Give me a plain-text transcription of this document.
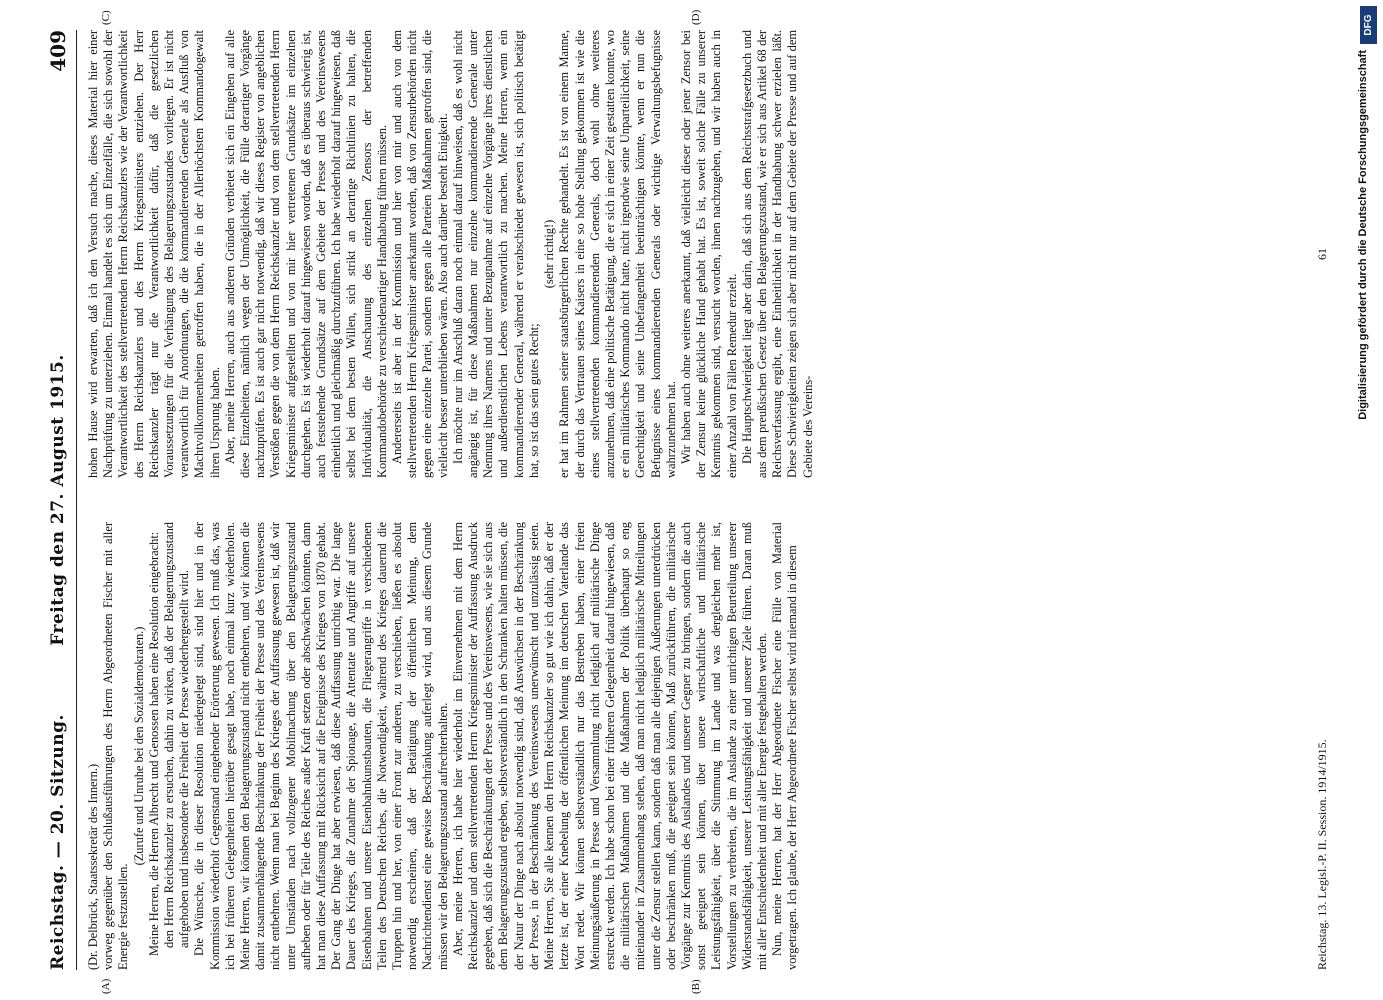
Reichstag. — 20. Sitzung.
Freitag den 27. August 1915.
409
(A)	(B)
(C)	(D)

(Dr. Delbrück, Staatssekretär des Innern.) vorweg gegenüber den Schlußausführungen des Herrn Abgeordneten Fischer mit aller Energie festzustellen.

(Zurufe und Unruhe bei den Sozialdemokraten.) Meine Herren, die Herren Albrecht und Genossen haben eine Resolution eingebracht: den Herrn Reichskanzler zu ersuchen, dahin zu wirken, daß der Belagerungszustand aufgehoben und insbesondere die Freiheit der Presse wiederhergestellt wird. Die Wünsche, die in dieser Resolution niedergelegt sind, sind hier und in der Kommission wiederholt Gegenstand eingehender Erörterung gewesen. Ich muß das, was ich bei früheren Gelegenheiten hierüber gesagt habe, noch einmal kurz wiederholen. Meine Herren, wir können den Belagerungszustand nicht entbehren, und wir können die damit zusammenhängende Beschränkung der Freiheit der Presse und des Vereinswesens nicht entbehren. Wenn man bei Beginn des Krieges der Auffassung gewesen ist, daß wir unter Umständen nach vollzogener Mobilmachung über den Belagerungszustand aufheben oder für Teile des Reiches außer Kraft setzen oder abschwächen könnten, dann hat man diese Auffassung mit Rücksicht auf die Ereignisse des Krieges von 1870 gehabt. Der Gang der Dinge hat aber erwiesen, daß diese Auffassung unrichtig war. Die lange Dauer des Krieges, die Zunahme der Spionage, die Attentate und Angriffe auf unsere Eisenbahnen und unsere Eisenbahnkunstbauten, die Fliegerangriffe in verschiedenen Teilen des Deutschen Reiches, die Notwendigkeit, während des Krieges dauernd die Truppen hin und her, von einer Front zur anderen, zu verschieben, ließen es absolut notwendig erscheinen, daß der Betätigung der öffentlichen Meinung, dem Nachrichtendienst eine gewisse Beschränkung auferlegt wird, und aus diesem Grunde müssen wir den Belagerungszustand aufrechterhalten. Aber, meine Herren, ich habe hier wiederholt im Einvernehmen mit dem Herrn Reichskanzler und dem stellvertretenden Herrn Kriegsminister der Auffassung Ausdruck gegeben, daß sich die Beschränkungen der Presse und des Vereinswesens, wie sie sich aus dem Belagerungszustand ergeben, selbstverständlich in den Schranken halten müssen, die der Natur der Dinge nach absolut notwendig sind, daß Auswüchsen in der Beschränkung der Presse, in der Beschränkung des Vereinswesens unerwünscht und unzulässig seien. Meine Herren, Sie alle kennen den Herrn Reichskanzler so gut wie ich dahin, daß er der letzte ist, der einer Knebelung der öffentlichen Meinung im deutschen Vaterlande das Wort redet. Wir können selbstverständlich nur das Bestreben haben, einer freien Meinungsäußerung in Presse und Versammlung nicht lediglich auf militärische Dinge erstreckt werden. Ich habe schon bei einer früheren Gelegenheit darauf hingewiesen, daß die militärischen Maßnahmen und die Maßnahmen der Politik überhaupt so eng miteinander in Zusammenhang stehen, daß man nicht lediglich militärische Mitteilungen unter die Zensur stellen kann, sondern daß man alle diejenigen Äußerungen unterdrücken oder beschränken muß, die geeignet sein können, Maß zurückführen, die militärische Vorgänge zur Kenntnis des Auslandes und unserer Gegner zu bringen, sondern die auch sonst geeignet sein können, über unsere wirtschaftliche und militärische Leistungsfähigkeit, über die Stimmung im Lande und was dergleichen mehr ist, Vorstellungen zu verbreiten, die im Auslande zu einer unrichtigen Beurteilung unserer Widerstandsfähigkeit, unserer Leistungsfähigkeit und unserer Ziele führen. Daran muß mit aller Entschiedenheit und mit aller Energie festgehalten werden. Nun, meine Herren, hat der Herr Abgeordnete Fischer eine Fülle von Material vorgetragen. Ich glaube, der Herr Abgeordnete Fischer selbst wird niemand in diesem

hohen Hause wird erwarten, daß ich den Versuch mache, dieses Material hier einer Nachprüfung zu unterziehen. Einmal handelt es sich um Einzelfälle, die sich sowohl der Verantwortlichkeit des stellvertretenden Herrn Reichskanzlers wie der Verantwortlichkeit des Herrn Reichskanzlers und des Herrn Kriegsministers entziehen. Der Herr Reichskanzler trägt nur die Verantwortlichkeit dafür, daß die gesetzlichen Voraussetzungen für die Verhängung des Belagerungszustandes vorliegen. Er ist nicht verantwortlich für Anordnungen, die die kommandierenden Generale als Ausfluß von Machtvollkommenheiten getroffen haben, die in der Allerhöchsten Kommandogewalt ihren Ursprung haben. Aber, meine Herren, auch aus anderen Gründen verbietet sich ein Eingehen auf alle diese Einzelheiten, nämlich wegen der Unmöglichkeit, die Fülle derartiger Vorgänge nachzuprüfen. Es ist auch gar nicht notwendig, daß wir dieses Register von angeblichen Verstößen gegen die von dem Herrn Reichskanzler und von dem stellvertretenden Herrn Kriegsminister aufgestellten und von mir hier vertretenen Grundsätze im einzelnen durchgehen. Es ist wiederholt darauf hingewiesen worden, daß es überaus schwierig ist, auch feststehende Grundsätze auf dem Gebiete der Presse und des Vereinswesens einheitlich und gleichmäßig durchzuführen. Ich habe wiederholt darauf hingewiesen, daß selbst bei dem besten Willen, sich strikt an derartige Richtlinien zu halten, die Individualität, die Anschauung des einzelnen Zensors der betreffenden Kommandobehörde zu verschiedenartiger Handhabung führen müssen. Andererseits ist aber in der Kommission und hier von mir und auch von dem stellvertretenden Herrn Kriegsminister anerkannt worden, daß von Zensurbehörden nicht gegen eine einzelne Partei, sondern gegen alle Parteien Maßnahmen getroffen sind, die vielleicht besser unterblieben wären. Also auch darüber besteht Einigkeit. Ich möchte nur im Anschluß daran noch einmal darauf hinweisen, daß es wohl nicht angängig ist, für diese Maßnahmen nur einzelne kommandierende Generale unter Nennung ihres Namens und unter Bezugnahme auf einzelne Vorgänge ihres dienstlichen und außerdienstlichen Lebens verantwortlich zu machen. Meine Herren, wenn ein kommandierender General, während er verabschiedet gewesen ist, sich politisch betätigt hat, so ist das sein gutes Recht;

(sehr richtig!) er hat im Rahmen seiner staatsbürgerlichen Rechte gehandelt. Es ist von einem Manne, der durch das Vertrauen seines Kaisers in eine so hohe Stellung gekommen ist wie die eines stellvertretenden kommandierenden Generals, doch wohl ohne weiteres anzunehmen, daß eine politische Betätigung, die er sich in einer Zeit gestatten konnte, wo er ein militärisches Kommando nicht hatte, nicht irgendwie seine Unparteilichkeit, seine Gerechtigkeit und seine Unbefangenheit beeinträchtigen könnte, wenn er nun die Befugnisse eines kommandierenden Generals oder wichtige Verwaltungsbefugnisse wahrzunehmen hat. Wir haben auch ohne weiteres anerkannt, daß vielleicht dieser oder jener Zensor bei der Zensur keine glückliche Hand gehabt hat. Es ist, soweit solche Fälle zu unserer Kenntnis gekommen sind, versucht worden, ihnen nachzugehen, und wir haben auch in einer Anzahl von Fällen Remedur erzielt. Die Hauptschwierigkeit liegt aber darin, daß sich aus dem Reichsstrafgesetzbuch und aus dem preußischen Gesetz über den Belagerungszustand, wie er sich aus Artikel 68 der Reichsverfassung ergibt, eine Einheitlichkeit in der Handhabung schwer erzielen läßt. Diese Schwierigkeiten zeigen sich aber nicht nur auf dem Gebiete der Presse und auf dem Gebiete des Vereins-

Reichstag. 13. Legisl.-P. II. Session. 1914/1915.
61	Digitalisierung gefördert durch die Deutsche Forschungsgemeinschaft
DFG
